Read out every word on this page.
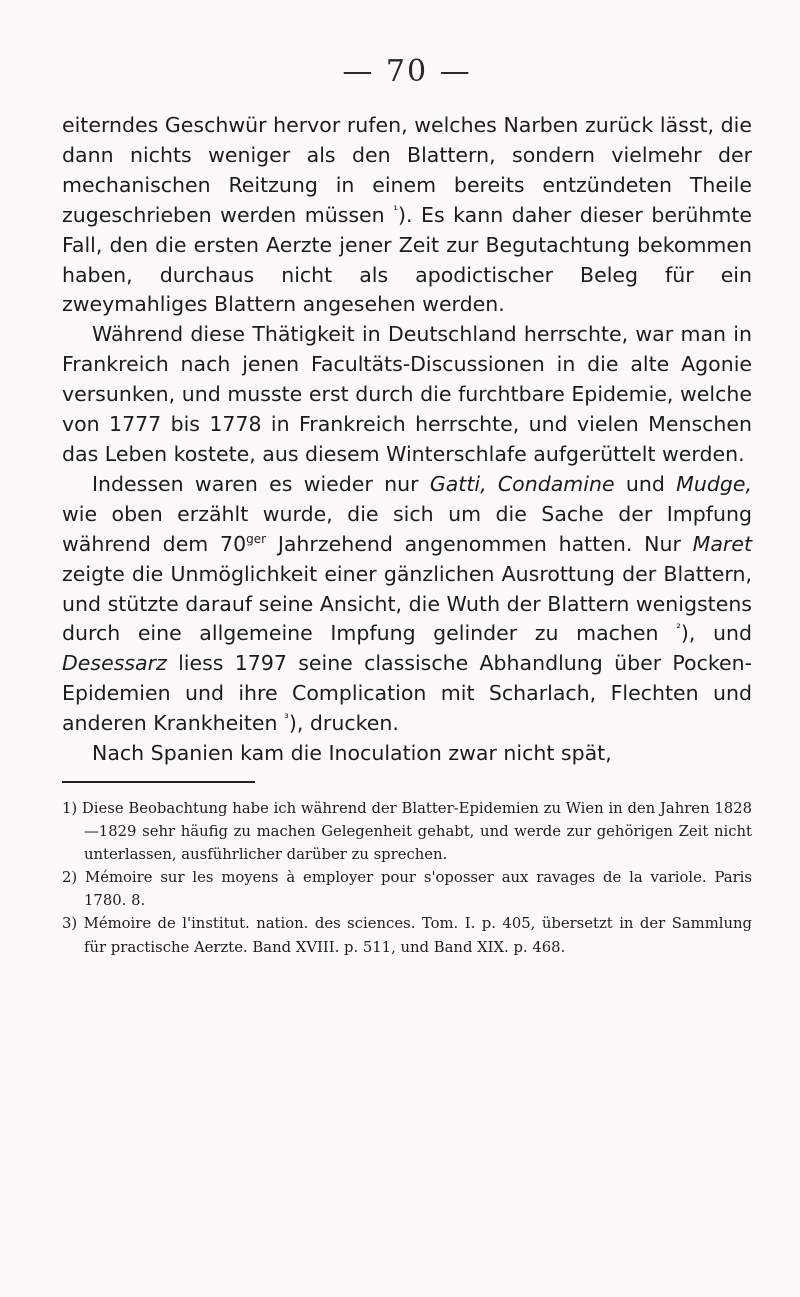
— 70 —

eiterndes Geschwür hervor rufen, welches Narben zurück lässt, die dann nichts weniger als den Blattern, sondern vielmehr der mechanischen Reitzung in einem bereits entzündeten Theile zugeschrieben werden müssen $^{^1}$). Es kann daher dieser berühmte Fall, den die ersten Aerzte jener Zeit zur Begutachtung bekommen haben, durchaus nicht als apodictischer Beleg für ein zweymahliges Blattern angesehen werden.

Während diese Thätigkeit in Deutschland herrschte, war man in Frankreich nach jenen Facultäts-Discussionen in die alte Agonie versunken, und musste erst durch die furchtbare Epidemie, welche von 1777 bis 1778 in Frankreich herrschte, und vielen Menschen das Leben kostete, aus diesem Winterschlafe aufgerüttelt werden.

Indessen waren es wieder nur Gatti, Condamine und Mudge, wie oben erzählt wurde, die sich um die Sache der Impfung während dem $70^{ger}$ Jahrzehend angenommen hatten. Nur Maret zeigte die Unmöglichkeit einer gänzlichen Ausrottung der Blattern, und stützte darauf seine Ansicht, die Wuth der Blattern wenigstens durch eine allgemeine Impfung gelinder zu machen $^{^2}$), und Desessarz liess 1797 seine classische Abhandlung über Pocken-Epidemien und ihre Complication mit Scharlach, Flechten und anderen Krankheiten $^{^3}$), drucken.

Nach Spanien kam die Inoculation zwar nicht spät,

1) Diese Beobachtung habe ich während der Blatter-Epidemien zu Wien in den Jahren 1828—1829 sehr häufig zu machen Gelegenheit gehabt, und werde zur gehörigen Zeit nicht unterlassen, ausführlicher darüber zu sprechen.

2) Mémoire sur les moyens à employer pour s'oposser aux ravages de la variole. Paris 1780. 8.

3) Mémoire de l'institut. nation. des sciences. Tom. I. p. 405, übersetzt in der Sammlung für practische Aerzte. Band XVIII. p. 511, und Band XIX. p. 468.
